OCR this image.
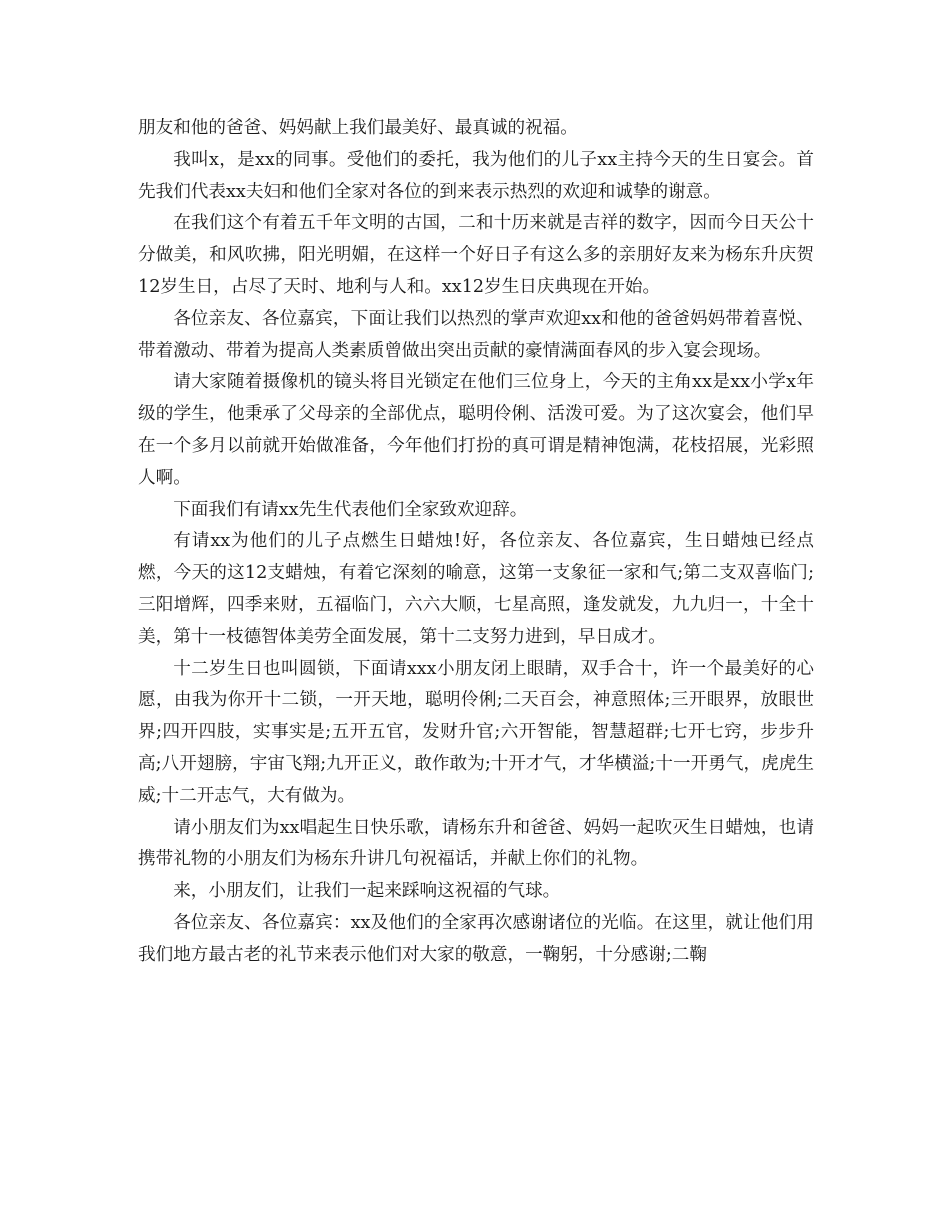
朋友和他的爸爸、妈妈献上我们最美好、最真诚的祝福。

我叫x，是xx的同事。受他们的委托，我为他们的儿子xx主持今天的生日宴会。首先我们代表xx夫妇和他们全家对各位的到来表示热烈的欢迎和诚挚的谢意。

在我们这个有着五千年文明的古国，二和十历来就是吉祥的数字，因而今日天公十分做美，和风吹拂，阳光明媚，在这样一个好日子有这么多的亲朋好友来为杨东升庆贺12岁生日，占尽了天时、地利与人和。xx12岁生日庆典现在开始。

各位亲友、各位嘉宾，下面让我们以热烈的掌声欢迎xx和他的爸爸妈妈带着喜悦、带着激动、带着为提高人类素质曾做出突出贡献的豪情满面春风的步入宴会现场。

请大家随着摄像机的镜头将目光锁定在他们三位身上，今天的主角xx是xx小学x年级的学生，他秉承了父母亲的全部优点，聪明伶俐、活泼可爱。为了这次宴会，他们早在一个多月以前就开始做准备，今年他们打扮的真可谓是精神饱满，花枝招展，光彩照人啊。

下面我们有请xx先生代表他们全家致欢迎辞。

有请xx为他们的儿子点燃生日蜡烛!好，各位亲友、各位嘉宾，生日蜡烛已经点燃，今天的这12支蜡烛，有着它深刻的喻意，这第一支象征一家和气;第二支双喜临门;三阳增辉，四季来财，五福临门，六六大顺，七星高照，逢发就发，九九归一，十全十美，第十一枝德智体美劳全面发展，第十二支努力进到，早日成才。

十二岁生日也叫圆锁，下面请xxx小朋友闭上眼睛，双手合十，许一个最美好的心愿，由我为你开十二锁，一开天地，聪明伶俐;二天百会，神意照体;三开眼界，放眼世界;四开四肢，实事实是;五开五官，发财升官;六开智能，智慧超群;七开七窍，步步升高;八开翅膀，宇宙飞翔;九开正义，敢作敢为;十开才气，才华横溢;十一开勇气，虎虎生威;十二开志气，大有做为。

请小朋友们为xx唱起生日快乐歌，请杨东升和爸爸、妈妈一起吹灭生日蜡烛，也请携带礼物的小朋友们为杨东升讲几句祝福话，并献上你们的礼物。

来，小朋友们，让我们一起来踩响这祝福的气球。

各位亲友、各位嘉宾：xx及他们的全家再次感谢诸位的光临。在这里，就让他们用我们地方最古老的礼节来表示他们对大家的敬意，一鞠躬，十分感谢;二鞠
